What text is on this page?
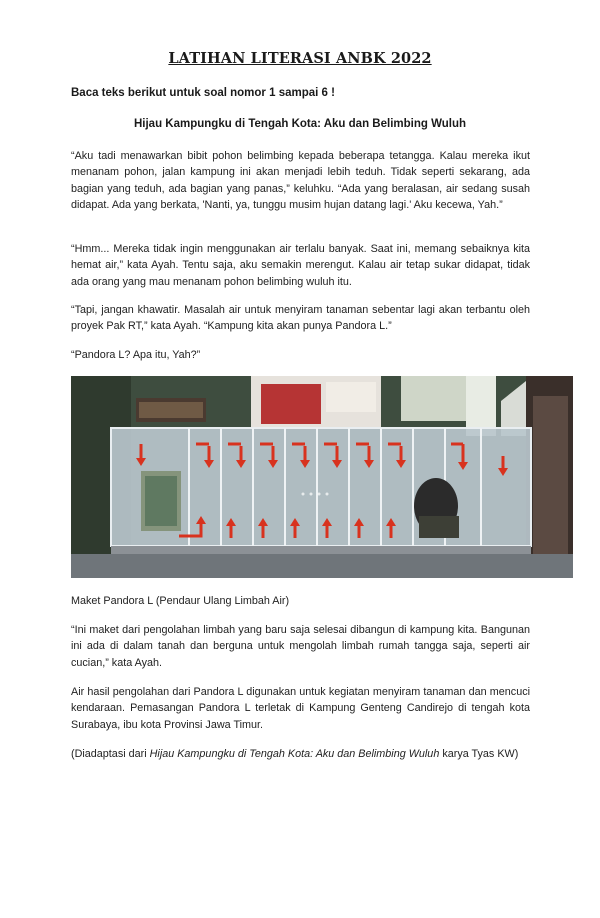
LATIHAN LITERASI ANBK 2022
Baca teks berikut untuk soal nomor 1 sampai 6 !
Hijau Kampungku di Tengah Kota: Aku dan Belimbing Wuluh

“Aku tadi menawarkan bibit pohon belimbing kepada beberapa tetangga. Kalau mereka ikut menanam pohon, jalan kampung ini akan menjadi lebih teduh. Tidak seperti sekarang, ada bagian yang teduh, ada bagian yang panas,” keluhku. “Ada yang beralasan, air sedang susah didapat. Ada yang berkata, 'Nanti, ya, tunggu musim hujan datang lagi.' Aku kecewa, Yah.”

“Hmm... Mereka tidak ingin menggunakan air terlalu banyak. Saat ini, memang sebaiknya kita hemat air,” kata Ayah. Tentu saja, aku semakin merengut. Kalau air tetap sukar didapat, tidak ada orang yang mau menanam pohon belimbing wuluh itu.

“Tapi, jangan khawatir. Masalah air untuk menyiram tanaman sebentar lagi akan terbantu oleh proyek Pak RT,” kata Ayah. “Kampung kita akan punya Pandora L.”

“Pandora L? Apa itu, Yah?”

Maket Pandora L (Pendaur Ulang Limbah Air)

“Ini maket dari pengolahan limbah yang baru saja selesai dibangun di kampung kita. Bangunan ini ada di dalam tanah dan berguna untuk mengolah limbah rumah tangga saja, seperti air cucian,” kata Ayah.

Air hasil pengolahan dari Pandora L digunakan untuk kegiatan menyiram tanaman dan mencuci kendaraan. Pemasangan Pandora L terletak di Kampung Genteng Candirejo di tengah kota Surabaya, ibu kota Provinsi Jawa Timur.

(Diadaptasi dari Hijau Kampungku di Tengah Kota: Aku dan Belimbing Wuluh karya Tyas KW)
